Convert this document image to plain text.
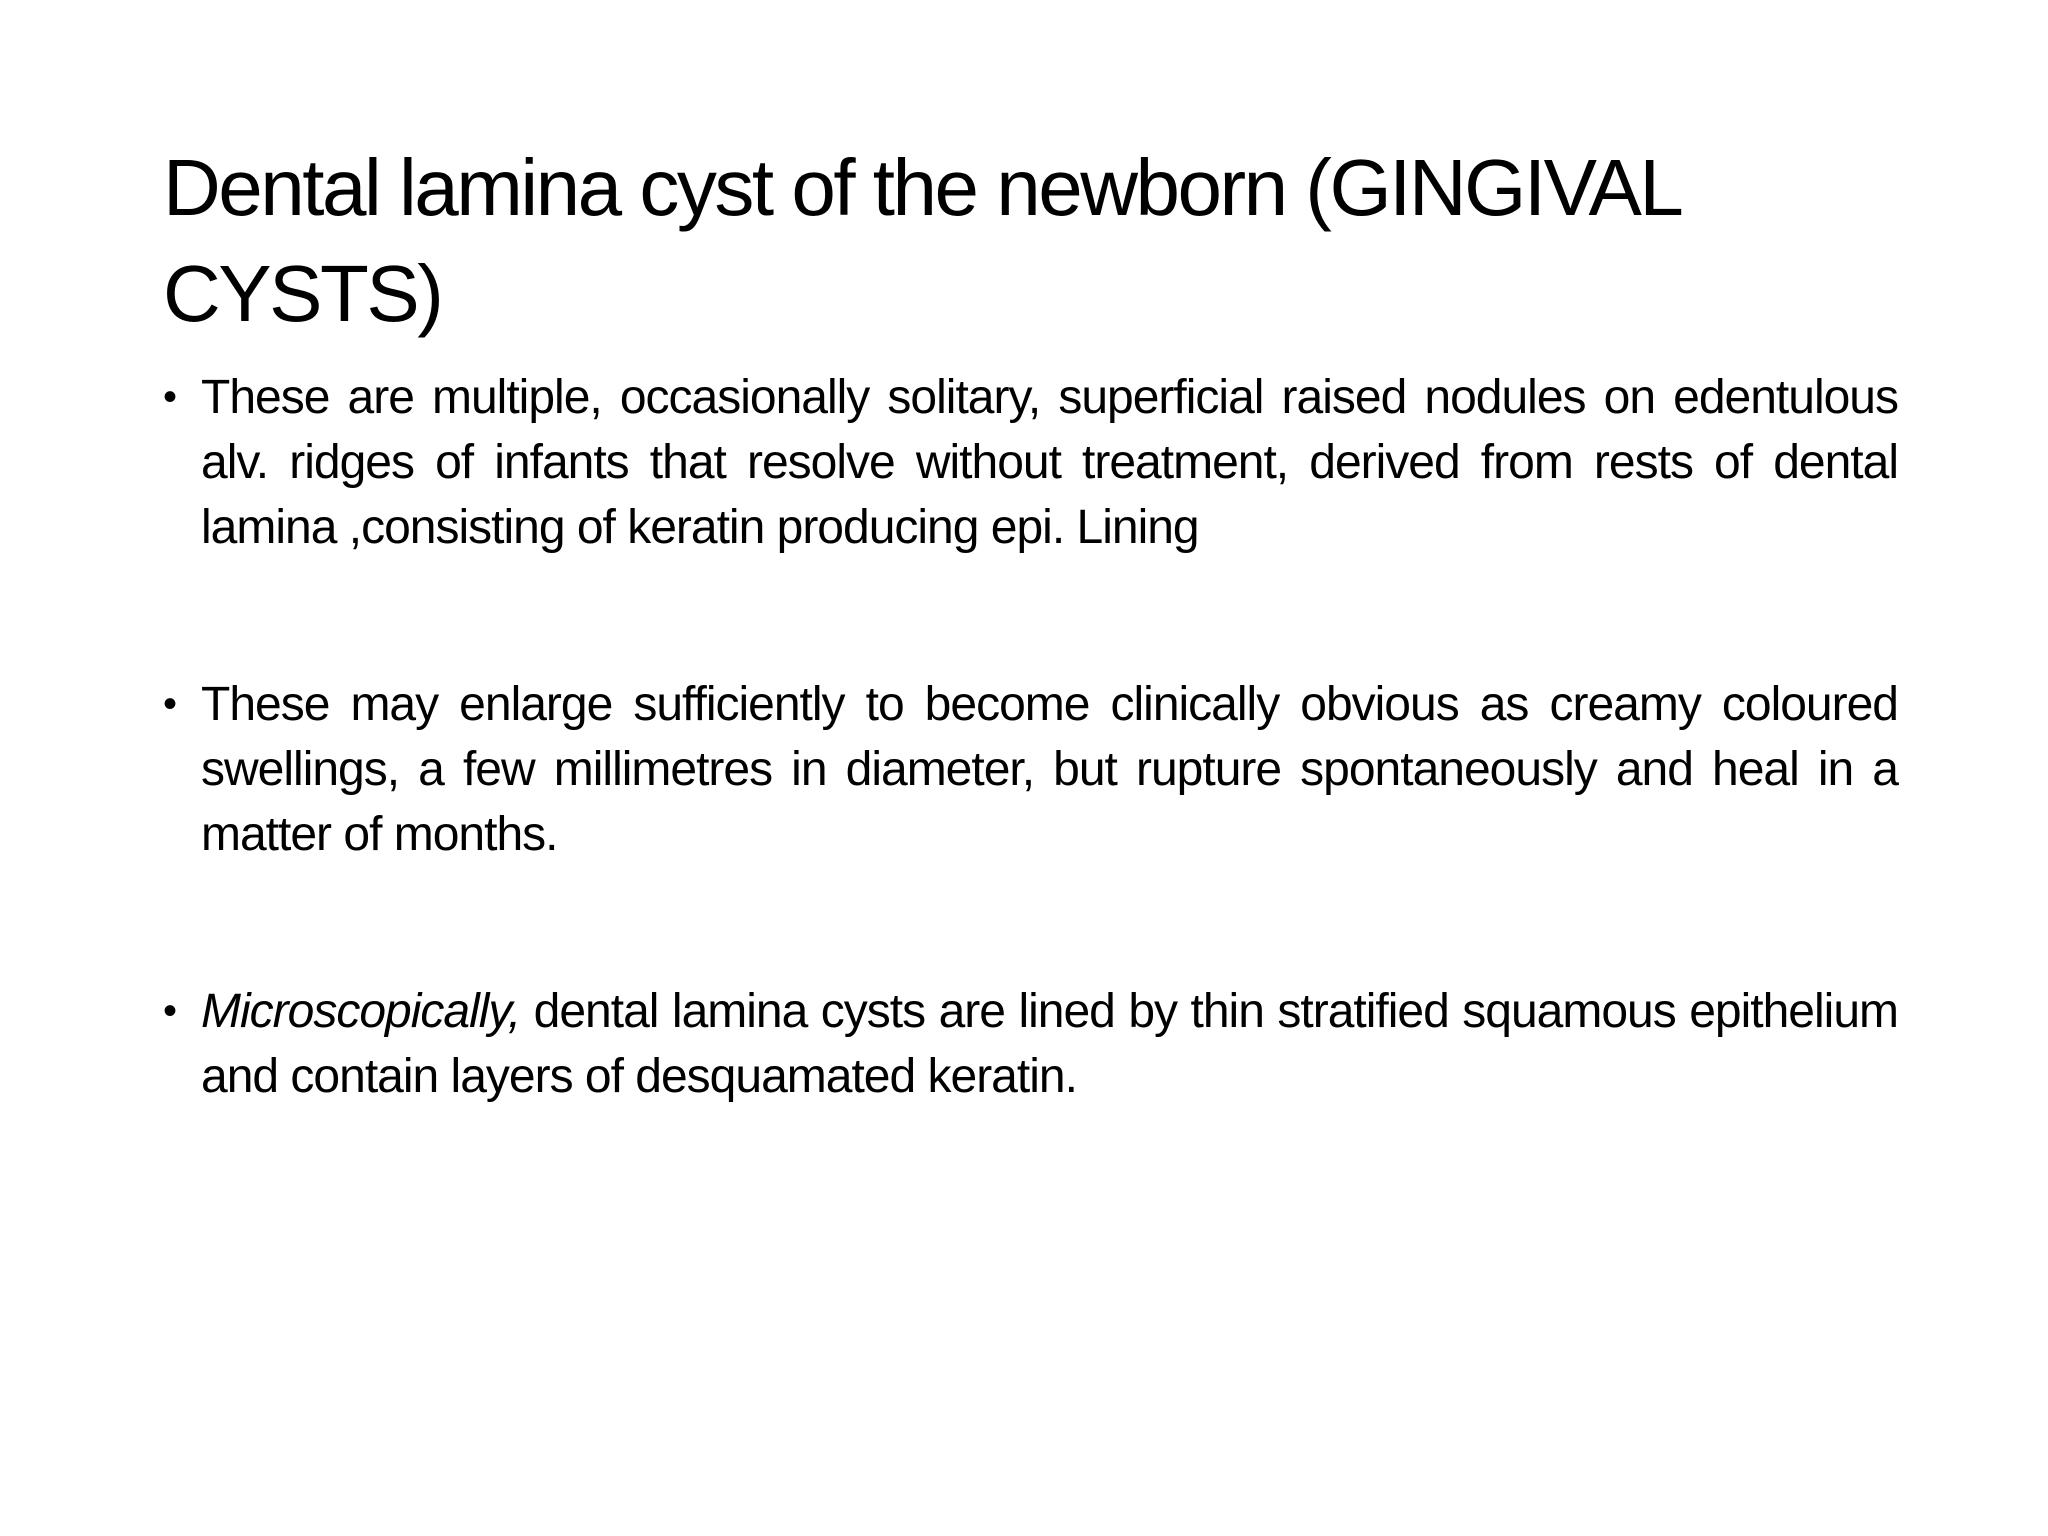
Dental lamina cyst of the newborn (GINGIVAL CYSTS)
• These are multiple, occasionally solitary, superficial raised nodules on edentulous alv. ridges of infants that resolve without treatment, derived from rests of dental lamina ,consisting of keratin producing epi. Lining
• These may enlarge sufficiently to become clinically obvious as creamy coloured swellings, a few millimetres in diameter, but rupture spontaneously and heal in a matter of months.
• Microscopically, dental lamina cysts are lined by thin stratified squamous epithelium and contain layers of desquamated keratin.
